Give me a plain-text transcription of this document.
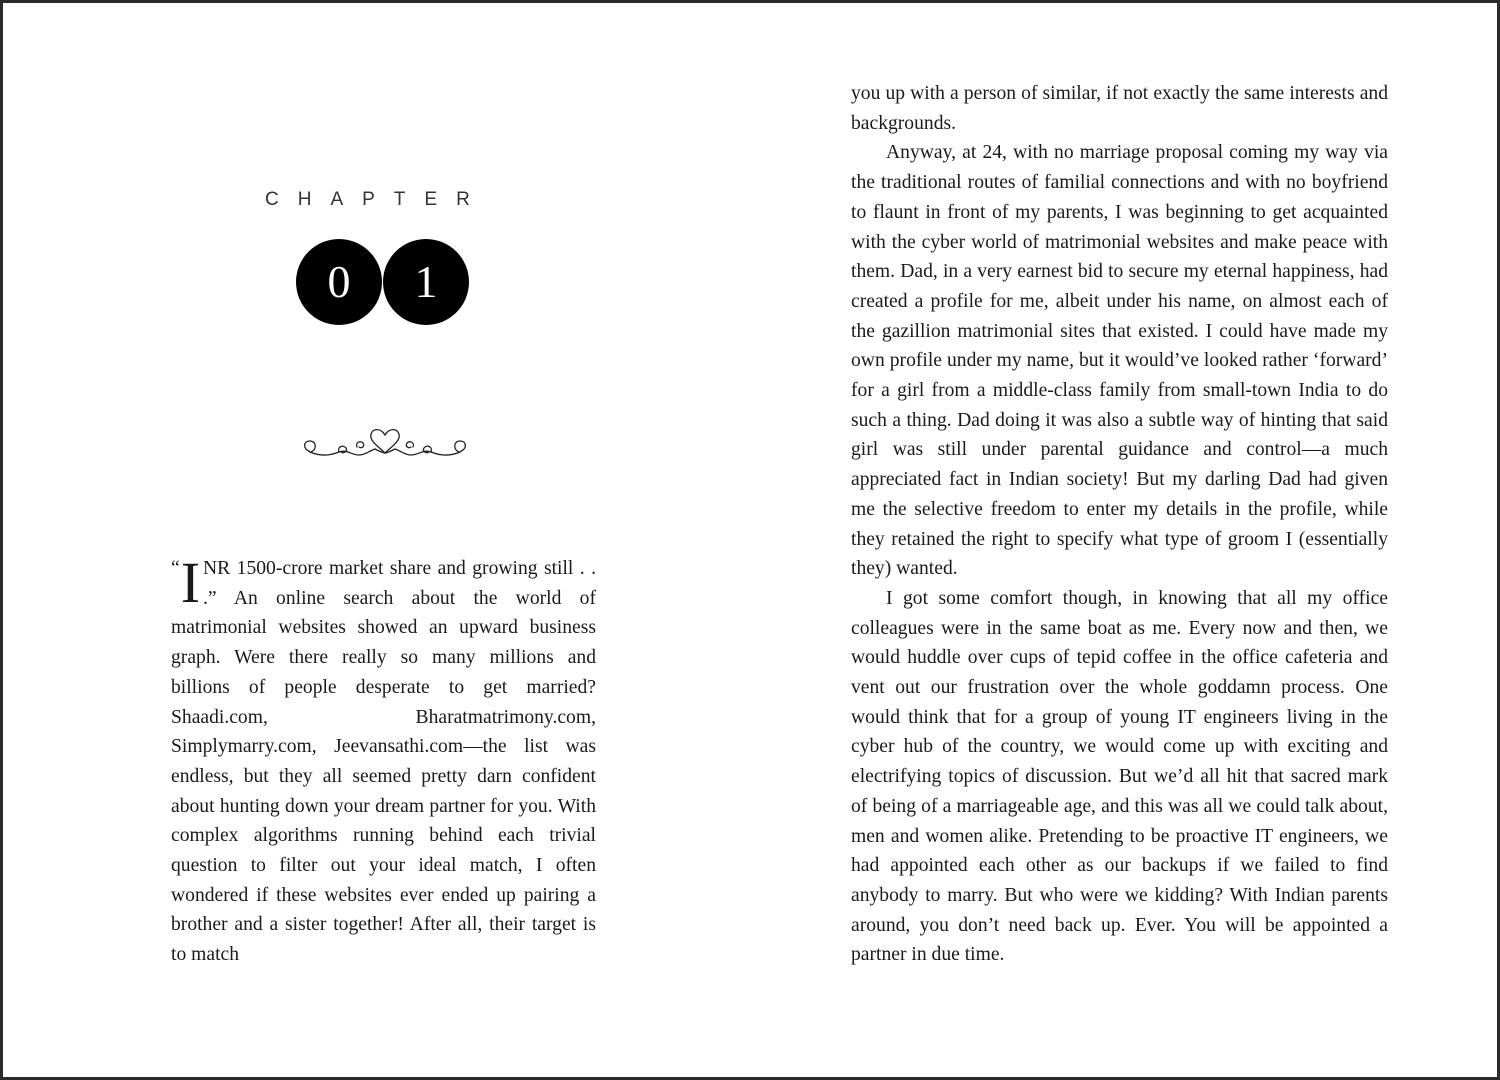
CHAPTER
0	1

“ I NR 1500-crore market share and growing still . . .” An online search about the world of matrimonial websites showed an upward business graph. Were there really so many millions and billions of people desperate to get married? Shaadi.com, Bharatmatrimony.com, Simplymarry.com, Jeevansathi.com—the list was endless, but they all seemed pretty darn confident about hunting down your dream partner for you. With complex algorithms running behind each trivial question to filter out your ideal match, I often wondered if these websites ever ended up pairing a brother and a sister together! After all, their target is to match

you up with a person of similar, if not exactly the same interests and backgrounds.

Anyway, at 24, with no marriage proposal coming my way via the traditional routes of familial connections and with no boyfriend to flaunt in front of my parents, I was beginning to get acquainted with the cyber world of matrimonial websites and make peace with them. Dad, in a very earnest bid to secure my eternal happiness, had created a profile for me, albeit under his name, on almost each of the gazillion matrimonial sites that existed. I could have made my own profile under my name, but it would’ve looked rather ‘forward’ for a girl from a middle-class family from small-town India to do such a thing. Dad doing it was also a subtle way of hinting that said girl was still under parental guidance and control—a much appreciated fact in Indian society! But my darling Dad had given me the selective freedom to enter my details in the profile, while they retained the right to specify what type of groom I (essentially they) wanted.

I got some comfort though, in knowing that all my office colleagues were in the same boat as me. Every now and then, we would huddle over cups of tepid coffee in the office cafeteria and vent out our frustration over the whole goddamn process. One would think that for a group of young IT engineers living in the cyber hub of the country, we would come up with exciting and electrifying topics of discussion. But we’d all hit that sacred mark of being of a marriageable age, and this was all we could talk about, men and women alike. Pretending to be proactive IT engineers, we had appointed each other as our backups if we failed to find anybody to marry. But who were we kidding? With Indian parents around, you don’t need back up. Ever. You will be appointed a partner in due time.
